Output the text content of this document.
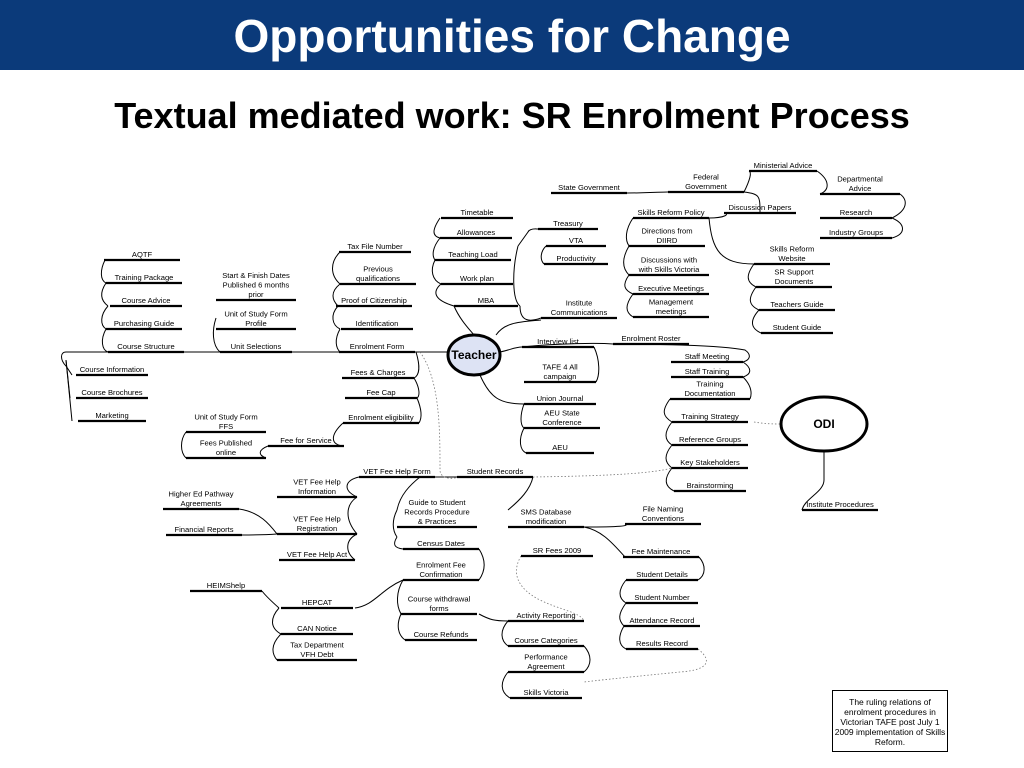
Opportunities for Change
Textual mediated work: SR Enrolment Process
Ministerial Advice
Federal Government
Departmental Advice
State Government
Discussion Papers
Timetable
Treasury
Skills Reform Policy	Research
Allowances	Directions from DIIRD
Industry Groups
VTA
Tax File Number	Skills Reform Website
AQTF	Teaching Load	Productivity	Discussions with with Skills Victoria
Start & Finish Dates Published 6 months prior
Previous qualifications
SR Support Documents
Training Package	Work plan
Executive Meetings
Course Advice	Proof of Citizenship	MBA	Institute Communications
Management meetings
Teachers Guide
Unit of Study Form Profile
Purchasing Guide	Identification	Student Guide
Enrolment Roster
Interview list
Course Structure	Unit Selections	Enrolment Form
Staff Meeting
TAFE 4 All campaign
Course Information	Fees & Charges	Staff Training
Training Documentation
Course Brochures	Fee Cap
Union Journal
Marketing	Unit of Study Form FFS
Enrolment eligibility	AEU State Conference
Training Strategy
Fees Published online
Fee for Service	Reference Groups
AEU
Key Stakeholders
VET Fee Help Form	Student Records
VET Fee Help Information
Brainstorming
Higher Ed Pathway Agreements	Guide to Student Records Procedure & Practices
Institute Procedures
SMS Database modification
File Naming Conventions
VET Fee Help Registration
Financial Reports
Census Dates
SR Fees 2009	Fee Maintenance
VET Fee Help Act
Enrolment Fee Confirmation	Student Details
HEIMShelp
Course withdrawal forms
Student Number
HEPCAT
Activity Reporting
Attendance Record
CAN Notice
Course Refunds
Course Categories	Results Record
Tax Department VFH Debt	Performance Agreement
Skills Victoria
Teacher
ODI
The ruling relations of enrolment procedures in Victorian TAFE post July 1 2009 implementation of Skills Reform.
